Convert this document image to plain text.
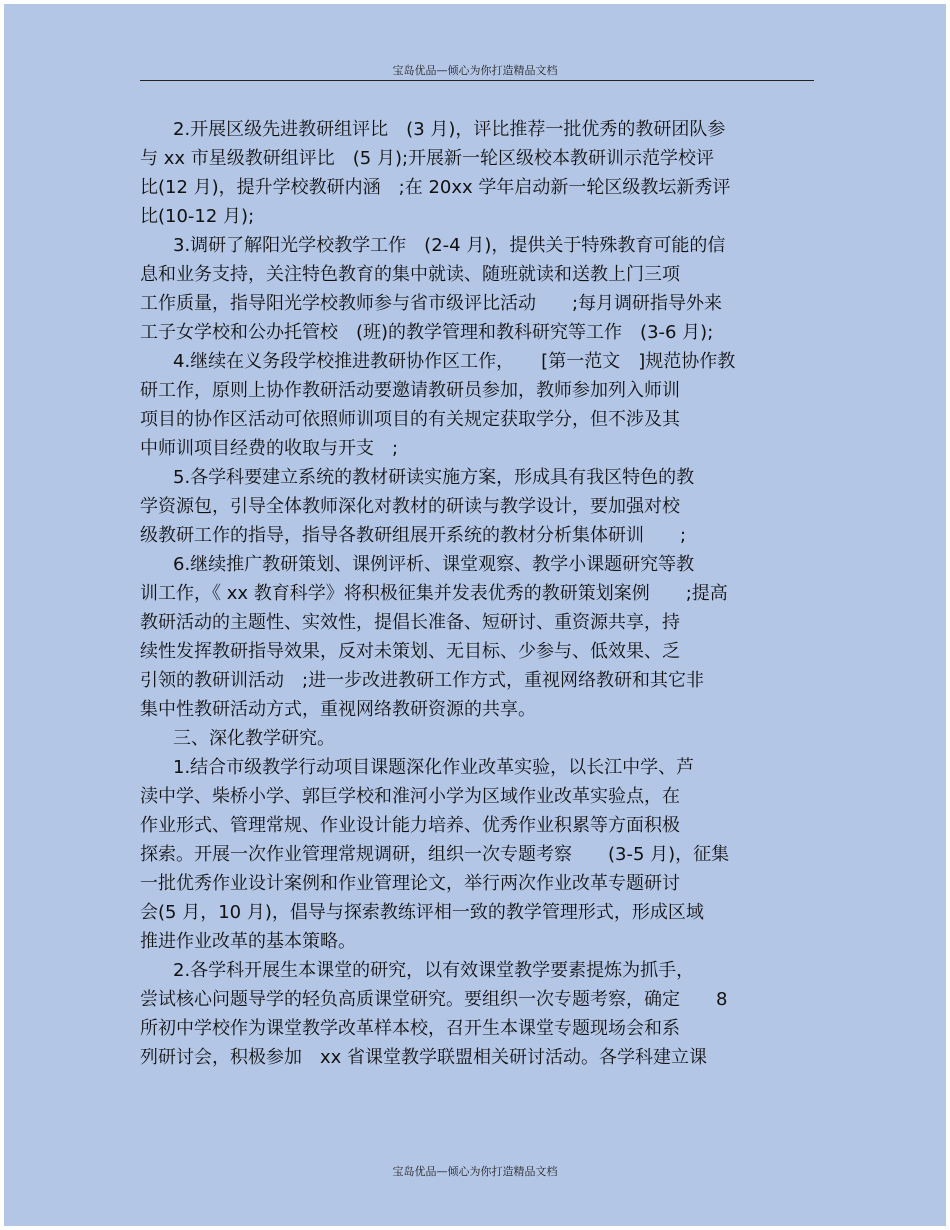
宝岛优品—倾心为你打造精品文档
2.开展区级先进教研组评比　(3 月)，评比推荐一批优秀的教研团队参
与 xx 市星级教研组评比　(5 月);开展新一轮区级校本教研训示范学校评
比(12 月)，提升学校教研内涵　;在 20xx 学年启动新一轮区级教坛新秀评
比(10-12 月);
3.调研了解阳光学校教学工作　(2-4 月)，提供关于特殊教育可能的信
息和业务支持，关注特色教育的集中就读、随班就读和送教上门三项
工作质量，指导阳光学校教师参与省市级评比活动　　;每月调研指导外来
工子女学校和公办托管校　(班)的教学管理和教科研究等工作　(3-6 月);
4.继续在义务段学校推进教研协作区工作，　　[第一范文　]规范协作教
研工作，原则上协作教研活动要邀请教研员参加，教师参加列入师训
项目的协作区活动可依照师训项目的有关规定获取学分，但不涉及其
中师训项目经费的收取与开支　;
5.各学科要建立系统的教材研读实施方案，形成具有我区特色的教
学资源包，引导全体教师深化对教材的研读与教学设计，要加强对校
级教研工作的指导，指导各教研组展开系统的教材分析集体研训　　;
6.继续推广教研策划、课例评析、课堂观察、教学小课题研究等教
训工作，《 xx 教育科学》将积极征集并发表优秀的教研策划案例　　;提高
教研活动的主题性、实效性，提倡长准备、短研讨、重资源共享，持
续性发挥教研指导效果，反对未策划、无目标、少参与、低效果、乏
引领的教研训活动　;进一步改进教研工作方式，重视网络教研和其它非
集中性教研活动方式，重视网络教研资源的共享。
三、深化教学研究。
1.结合市级教学行动项目课题深化作业改革实验，以长江中学、芦
渎中学、柴桥小学、郭巨学校和淮河小学为区域作业改革实验点，在
作业形式、管理常规、作业设计能力培养、优秀作业积累等方面积极
探索。开展一次作业管理常规调研，组织一次专题考察　　(3-5 月)，征集
一批优秀作业设计案例和作业管理论文，举行两次作业改革专题研讨
会(5 月，10 月)，倡导与探索教练评相一致的教学管理形式，形成区域
推进作业改革的基本策略。
2.各学科开展生本课堂的研究，以有效课堂教学要素提炼为抓手，
尝试核心问题导学的轻负高质课堂研究。要组织一次专题考察，确定　　8
所初中学校作为课堂教学改革样本校，召开生本课堂专题现场会和系
列研讨会，积极参加　xx 省课堂教学联盟相关研讨活动。各学科建立课
宝岛优品—倾心为你打造精品文档
